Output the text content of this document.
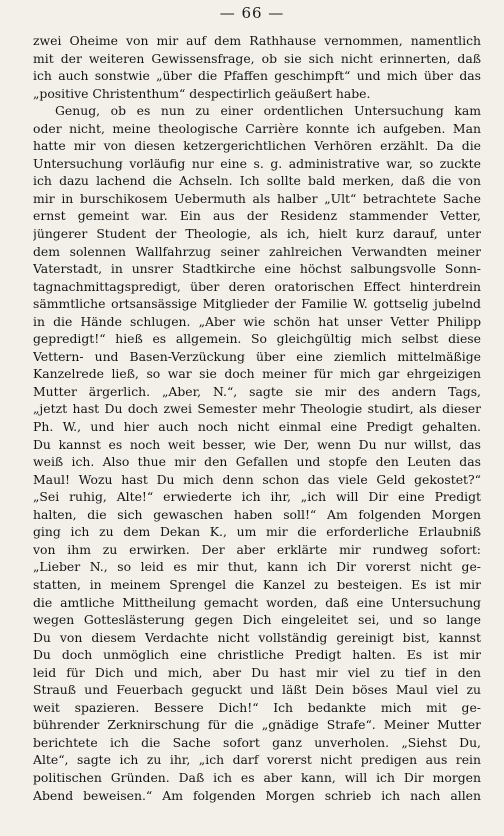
— 66 —
zwei Oheime von mir auf dem Rathhause vernommen, namentlich
mit der weiteren Gewissensfrage, ob sie sich nicht erinnerten, daß
ich auch sonstwie „über die Pfaffen geschimpft“ und mich über das
„positive Christenthum“ despectirlich geäußert habe.
Genug, ob es nun zu einer ordentlichen Untersuchung kam
oder nicht, meine theologische Carrière konnte ich aufgeben. Man
hatte mir von diesen ketzergerichtlichen Verhören erzählt. Da die
Untersuchung vorläufig nur eine s. g. administrative war, so zuckte
ich dazu lachend die Achseln. Ich sollte bald merken, daß die von
mir in burschikosem Uebermuth als halber „Ult“ betrachtete Sache
ernst gemeint war. Ein aus der Residenz stammender Vetter,
jüngerer Student der Theologie, als ich, hielt kurz darauf, unter
dem solennen Wallfahrzug seiner zahlreichen Verwandten meiner
Vaterstadt, in unsrer Stadtkirche eine höchst salbungsvolle Sonn-
tagnachmittagspredigt, über deren oratorischen Effect hinterdrein
sämmtliche ortsansässige Mitglieder der Familie W. gottselig jubelnd
in die Hände schlugen. „Aber wie schön hat unser Vetter Philipp
gepredigt!“ hieß es allgemein. So gleichgültig mich selbst diese
Vettern- und Basen-Verzückung über eine ziemlich mittelmäßige
Kanzelrede ließ, so war sie doch meiner für mich gar ehrgeizigen
Mutter ärgerlich. „Aber, N.“, sagte sie mir des andern Tags,
„jetzt hast Du doch zwei Semester mehr Theologie studirt, als dieser
Ph. W., und hier auch noch nicht einmal eine Predigt gehalten.
Du kannst es noch weit besser, wie Der, wenn Du nur willst, das
weiß ich. Also thue mir den Gefallen und stopfe den Leuten das
Maul! Wozu hast Du mich denn schon das viele Geld gekostet?“
„Sei ruhig, Alte!“ erwiederte ich ihr, „ich will Dir eine Predigt
halten, die sich gewaschen haben soll!“ Am folgenden Morgen
ging ich zu dem Dekan K., um mir die erforderliche Erlaubniß
von ihm zu erwirken. Der aber erklärte mir rundweg sofort:
„Lieber N., so leid es mir thut, kann ich Dir vorerst nicht ge-
statten, in meinem Sprengel die Kanzel zu besteigen. Es ist mir
die amtliche Mittheilung gemacht worden, daß eine Untersuchung
wegen Gotteslästerung gegen Dich eingeleitet sei, und so lange
Du von diesem Verdachte nicht vollständig gereinigt bist, kannst
Du doch unmöglich eine christliche Predigt halten. Es ist mir
leid für Dich und mich, aber Du hast mir viel zu tief in den
Strauß und Feuerbach geguckt und läßt Dein böses Maul viel zu
weit spazieren. Bessere Dich!“ Ich bedankte mich mit ge-
bührender Zerknirschung für die „gnädige Strafe“. Meiner Mutter
berichtete ich die Sache sofort ganz unverholen. „Siehst Du,
Alte“, sagte ich zu ihr, „ich darf vorerst nicht predigen aus rein
politischen Gründen. Daß ich es aber kann, will ich Dir morgen
Abend beweisen.“ Am folgenden Morgen schrieb ich nach allen
